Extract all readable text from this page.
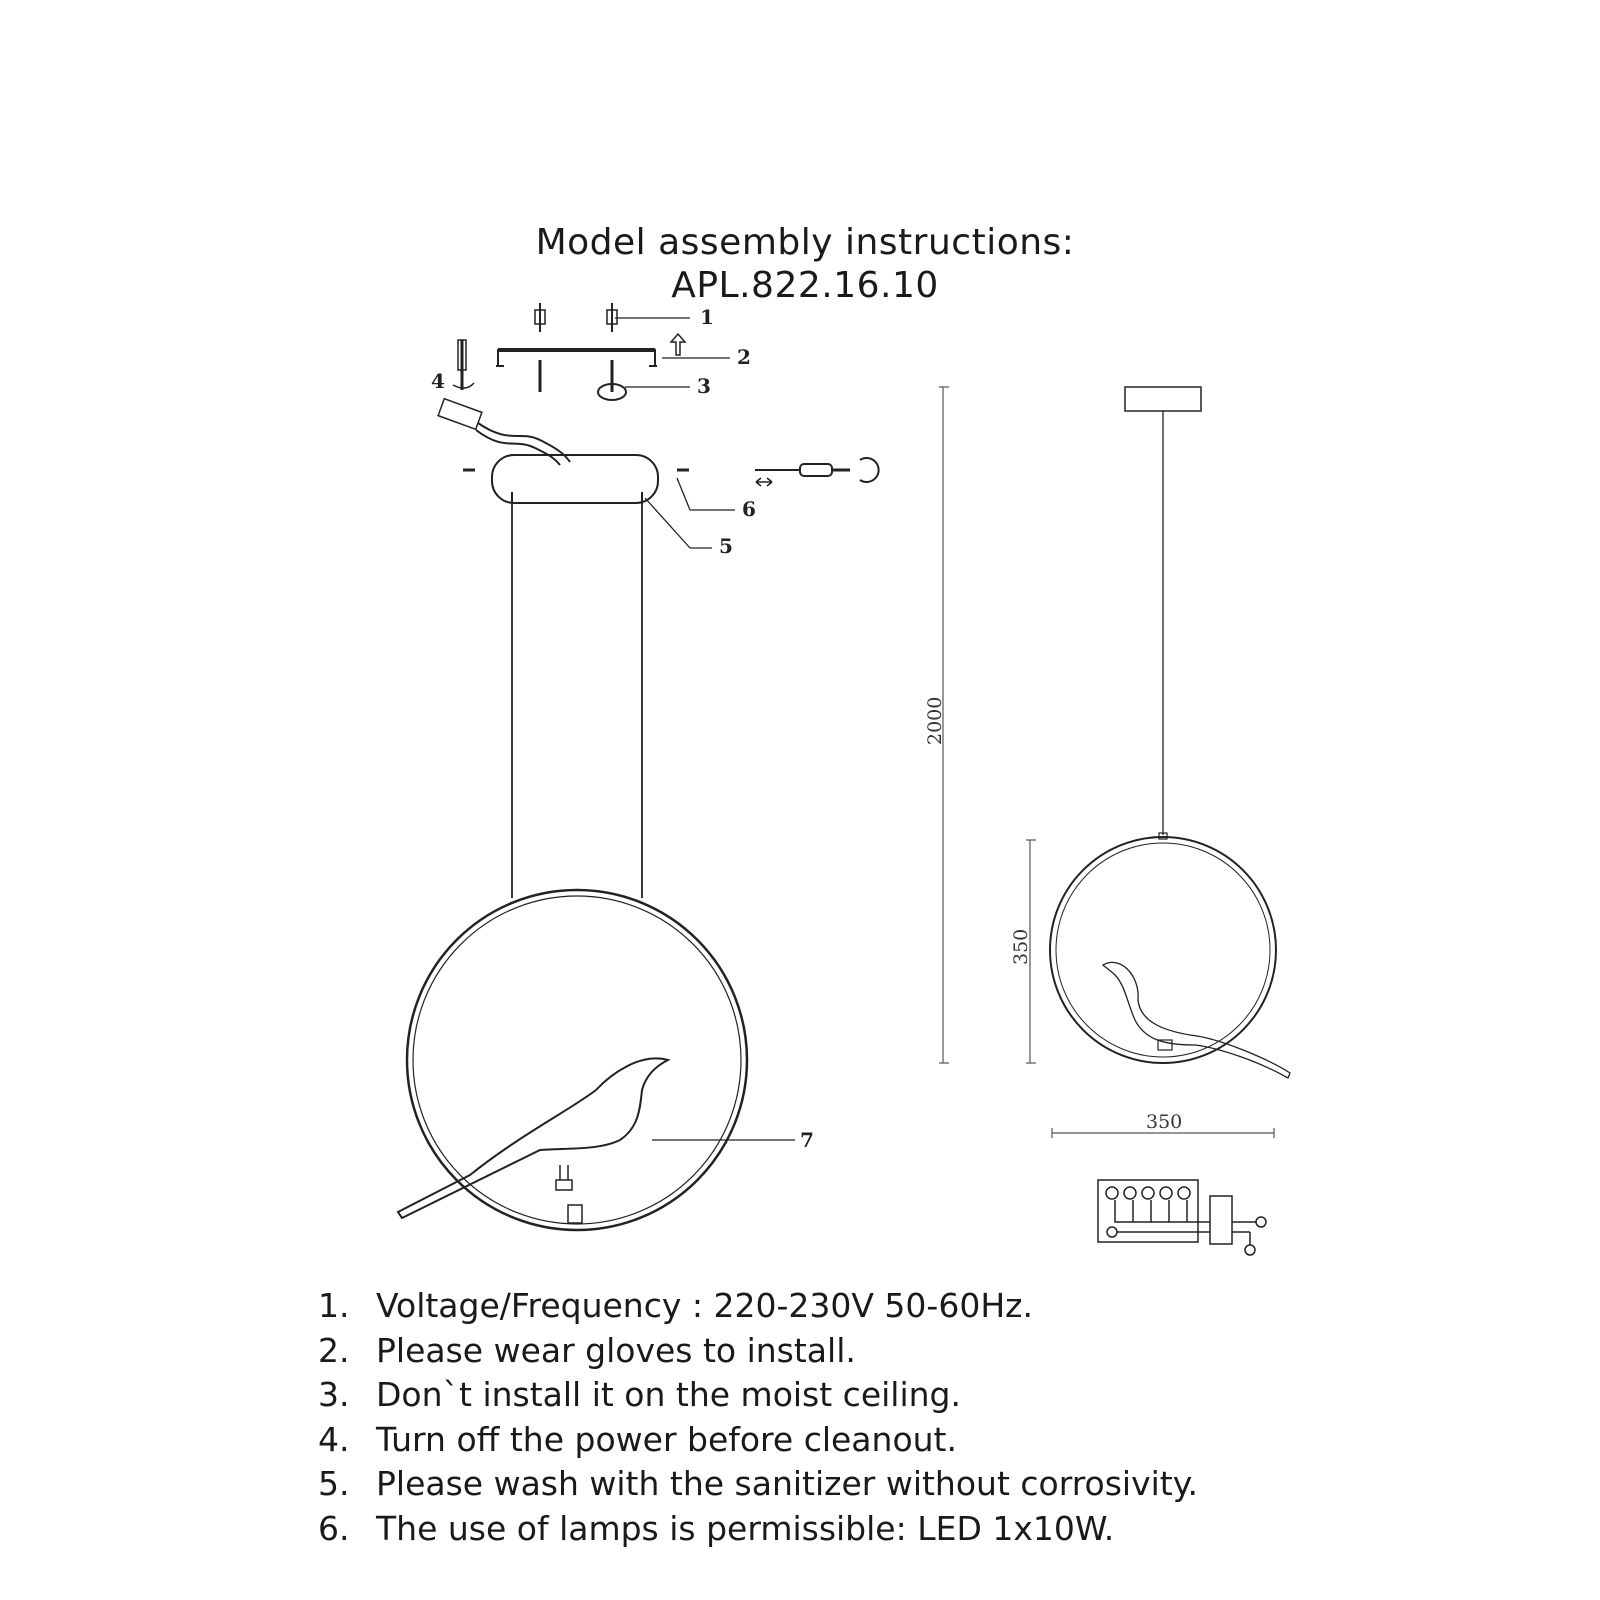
Model assembly instructions:
APL.822.16.10
1
2
3
4
5
6
7
2000
350
350
1. Voltage/Frequency : 220-230V 50-60Hz.
2. Please wear gloves to install.
3. Don`t install it on the moist ceiling.
4. Turn off the power before cleanout.
5. Please wash with the sanitizer without corrosivity.
6. The use of lamps is permissible: LED 1x10W.
